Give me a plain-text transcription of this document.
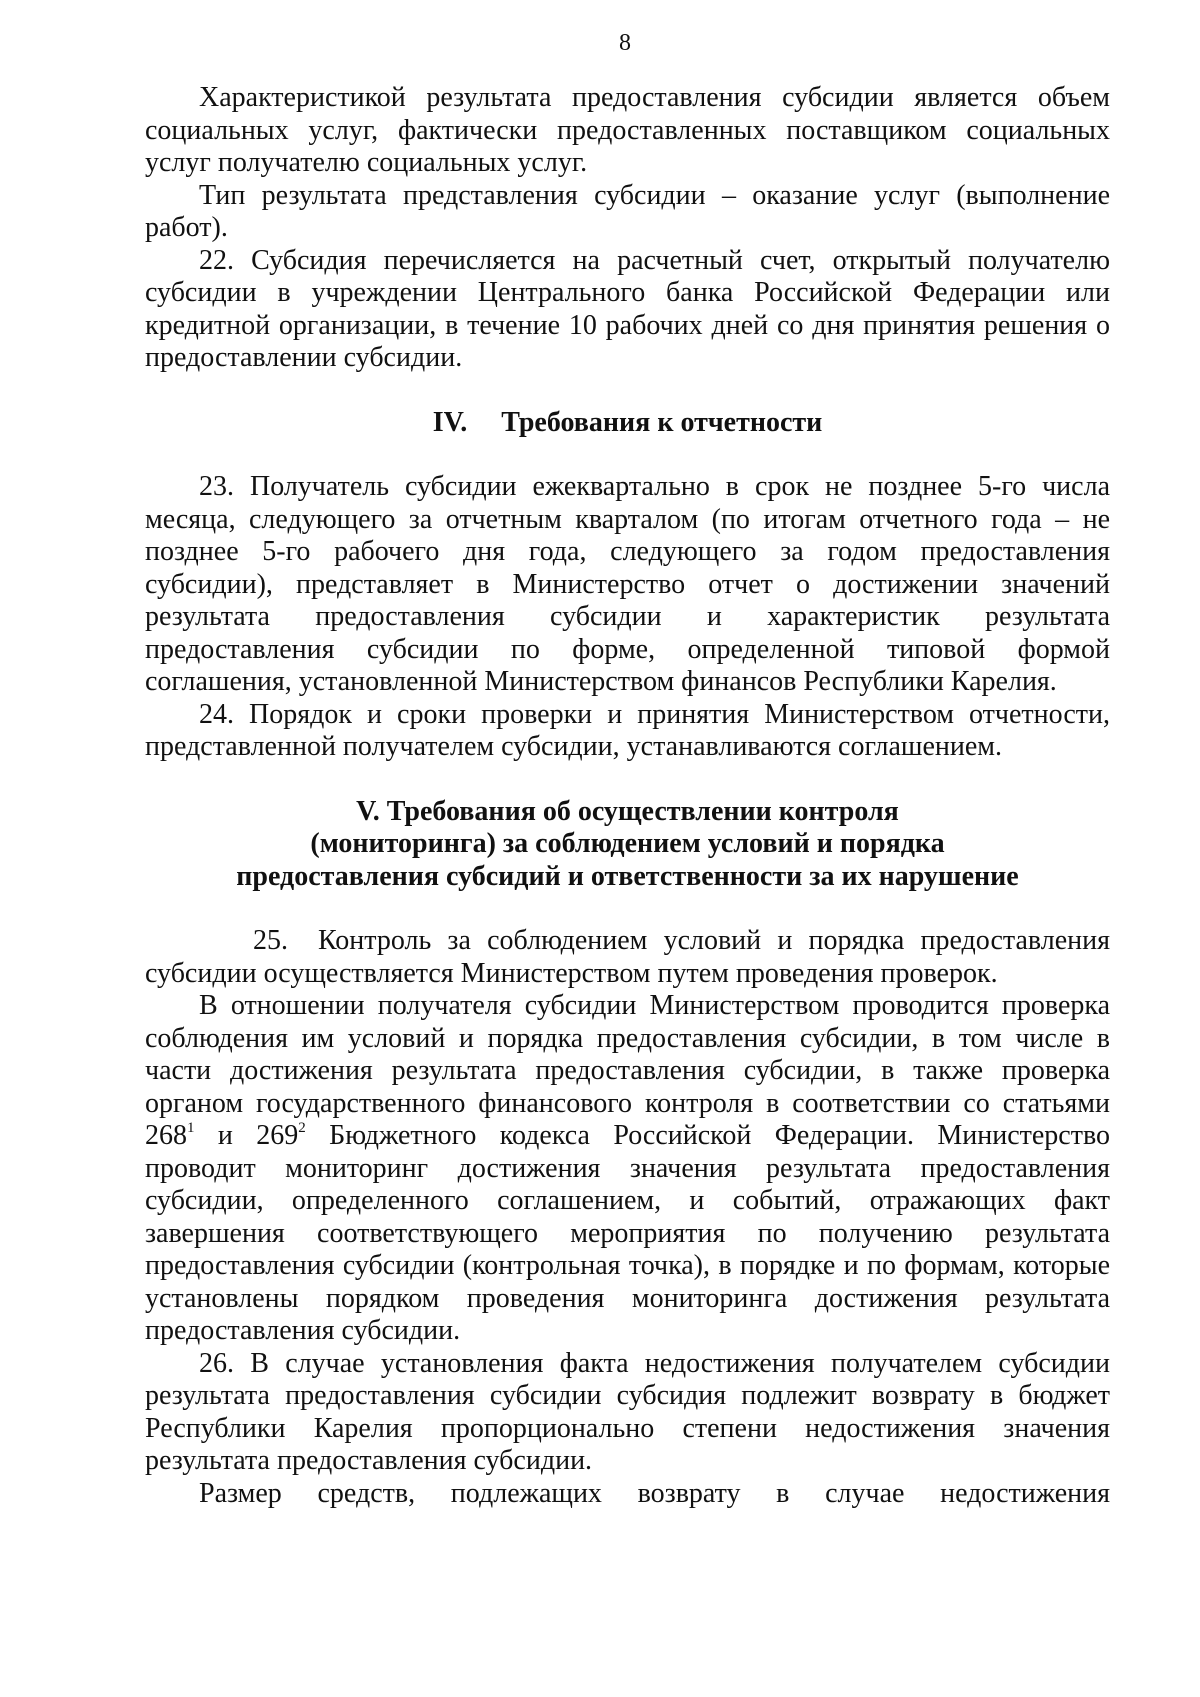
8

Характеристикой результата предоставления субсидии является объем социальных услуг, фактически предоставленных поставщиком социальных услуг получателю социальных услуг.

Тип результата представления субсидии – оказание услуг (выполнение работ).

22. Субсидия перечисляется на расчетный счет, открытый получателю субсидии в учреждении Центрального банка Российской Федерации или кредитной организации, в течение 10 рабочих дней со дня принятия решения о предоставлении субсидии.

IV. Требования к отчетности

23. Получатель субсидии ежеквартально в срок не позднее 5-го числа месяца, следующего за отчетным кварталом (по итогам отчетного года – не позднее 5-го рабочего дня года, следующего за годом предоставления субсидии), представляет в Министерство отчет о достижении значений результата предоставления субсидии и характеристик результата предоставления субсидии по форме, определенной типовой формой соглашения, установленной Министерством финансов Республики Карелия.

24. Порядок и сроки проверки и принятия Министерством отчетности, представленной получателем субсидии, устанавливаются соглашением.

V. Требования об осуществлении контроля
(мониторинга) за соблюдением условий и порядка
предоставления субсидий и ответственности за их нарушение

25. Контроль за соблюдением условий и порядка предоставления субсидии осуществляется Министерством путем проведения проверок.

В отношении получателя субсидии Министерством проводится проверка соблюдения им условий и порядка предоставления субсидии, в том числе в части достижения результата предоставления субсидии, в также проверка органом государственного финансового контроля в соответствии со статьями $268^1$ и $269^2$ Бюджетного кодекса Российской Федерации. Министерство проводит мониторинг достижения значения результата предоставления субсидии, определенного соглашением, и событий, отражающих факт завершения соответствующего мероприятия по получению результата предоставления субсидии (контрольная точка), в порядке и по формам, которые установлены порядком проведения мониторинга достижения результата предоставления субсидии.

26. В случае установления факта недостижения получателем субсидии результата предоставления субсидии субсидия подлежит возврату в бюджет Республики Карелия пропорционально степени недостижения значения результата предоставления субсидии.

Размер средств, подлежащих возврату в случае недостижения
